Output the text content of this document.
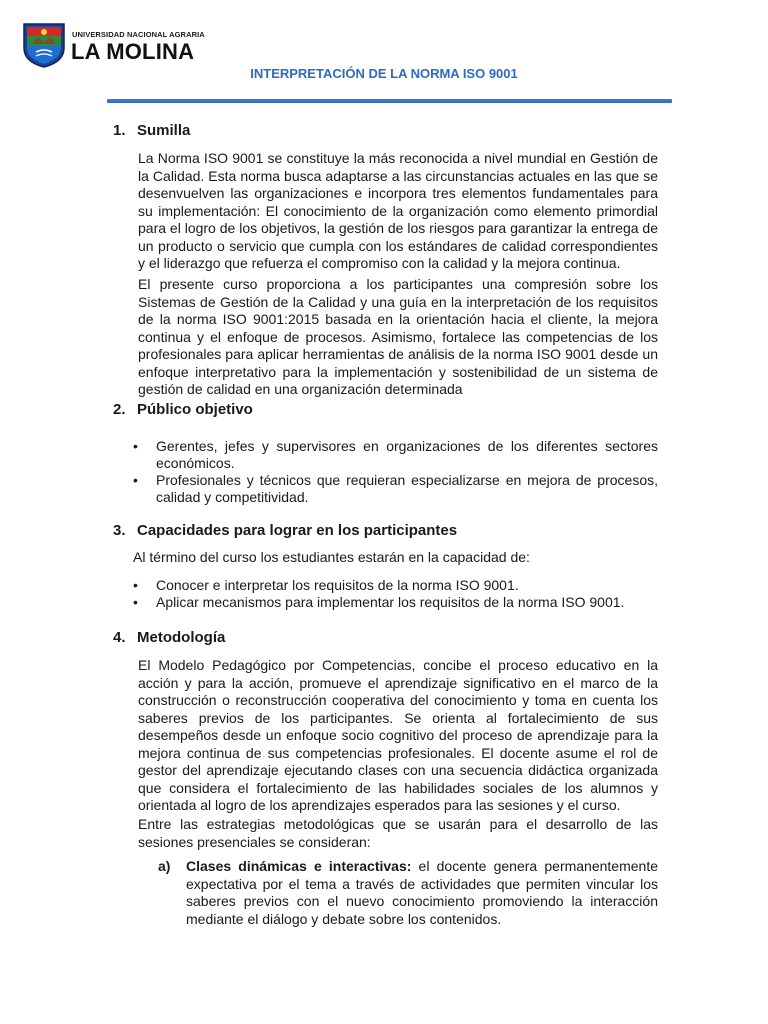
UNIVERSIDAD NACIONAL AGRARIA
LA MOLINA
INTERPRETACIÓN DE LA NORMA ISO 9001
1. Sumilla
La Norma ISO 9001 se constituye la más reconocida a nivel mundial en Gestión de la Calidad. Esta norma busca adaptarse a las circunstancias actuales en las que se desenvuelven las organizaciones e incorpora tres elementos fundamentales para su implementación: El conocimiento de la organización como elemento primordial para el logro de los objetivos, la gestión de los riesgos para garantizar la entrega de un producto o servicio que cumpla con los estándares de calidad correspondientes y el liderazgo que refuerza el compromiso con la calidad y la mejora continua.
El presente curso proporciona a los participantes una compresión sobre los Sistemas de Gestión de la Calidad y una guía en la interpretación de los requisitos de la norma ISO 9001:2015 basada en la orientación hacia el cliente, la mejora continua y el enfoque de procesos. Asimismo, fortalece las competencias de los profesionales para aplicar herramientas de análisis de la norma ISO 9001 desde un enfoque interpretativo para la implementación y sostenibilidad de un sistema de gestión de calidad en una organización determinada
2. Público objetivo
• Gerentes, jefes y supervisores en organizaciones de los diferentes sectores económicos.
• Profesionales y técnicos que requieran especializarse en mejora de procesos, calidad y competitividad.
3. Capacidades para lograr en los participantes
Al término del curso los estudiantes estarán en la capacidad de:
• Conocer e interpretar los requisitos de la norma ISO 9001.
• Aplicar mecanismos para implementar los requisitos de la norma ISO 9001.
4. Metodología
El Modelo Pedagógico por Competencias, concibe el proceso educativo en la acción y para la acción, promueve el aprendizaje significativo en el marco de la construcción o reconstrucción cooperativa del conocimiento y toma en cuenta los saberes previos de los participantes. Se orienta al fortalecimiento de sus desempeños desde un enfoque socio cognitivo del proceso de aprendizaje para la mejora continua de sus competencias profesionales. El docente asume el rol de gestor del aprendizaje ejecutando clases con una secuencia didáctica organizada que considera el fortalecimiento de las habilidades sociales de los alumnos y orientada al logro de los aprendizajes esperados para las sesiones y el curso.
Entre las estrategias metodológicas que se usarán para el desarrollo de las sesiones presenciales se consideran:
a)	Clases dinámicas e interactivas: el docente genera permanentemente expectativa por el tema a través de actividades que permiten vincular los saberes previos con el nuevo conocimiento promoviendo la interacción mediante el diálogo y debate sobre los contenidos.
